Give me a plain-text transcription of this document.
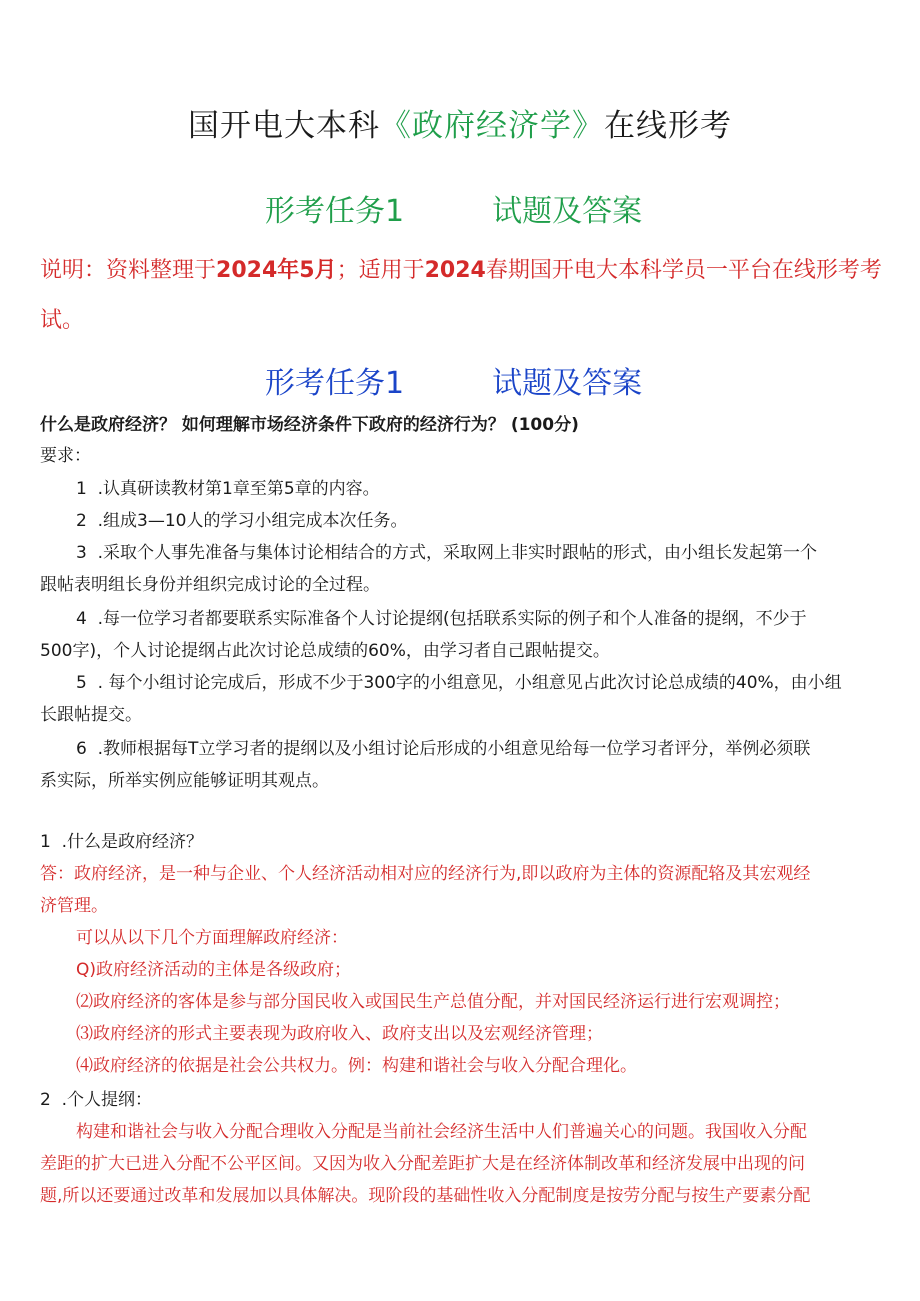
国开电大本科《政府经济学》在线形考
形考任务1	试题及答案
说明：资料整理于2024年5月；适用于2024春期国开电大本科学员一平台在线形考考试。
形考任务1	试题及答案
什么是政府经济？ 如何理解市场经济条件下政府的经济行为？ (100分)
要求：
1 .认真研读教材第1章至第5章的内容。
2 .组成3—10人的学习小组完成本次任务。
3 .采取个人事先准备与集体讨论相结合的方式，采取网上非实时跟帖的形式，由小组长发起第一个
跟帖表明组长身份并组织完成讨论的全过程。
4 .每一位学习者都要联系实际准备个人讨论提纲(包括联系实际的例子和个人准备的提纲，不少于
500字)，个人讨论提纲占此次讨论总成绩的60%，由学习者自己跟帖提交。
5 . 每个小组讨论完成后，形成不少于300字的小组意见，小组意见占此次讨论总成绩的40%，由小组
长跟帖提交。
6 .教师根据每T立学习者的提纲以及小组讨论后形成的小组意见给每一位学习者评分，举例必须联
系实际，所举实例应能够证明其观点。
1 .什么是政府经济？
答：政府经济，是一种与企业、个人经济活动相对应的经济行为,即以政府为主体的资源配辂及其宏观经
济管理。
可以从以下几个方面理解政府经济：
Q)政府经济活动的主体是各级政府；
⑵政府经济的客体是参与部分国民收入或国民生产总值分配，并对国民经济运行进行宏观调控；
⑶政府经济的形式主要表现为政府收入、政府支出以及宏观经济管理；
⑷政府经济的依据是社会公共权力。例：构建和谐社会与收入分配合理化。
2 .个人提纲：
构建和谐社会与收入分配合理收入分配是当前社会经济生活中人们普遍关心的问题。我国收入分配
差距的扩大已进入分配不公平区间。又因为收入分配差距扩大是在经济体制改革和经济发展中出现的问
题,所以还要通过改革和发展加以具体解决。现阶段的基础性收入分配制度是按劳分配与按生产要素分配
